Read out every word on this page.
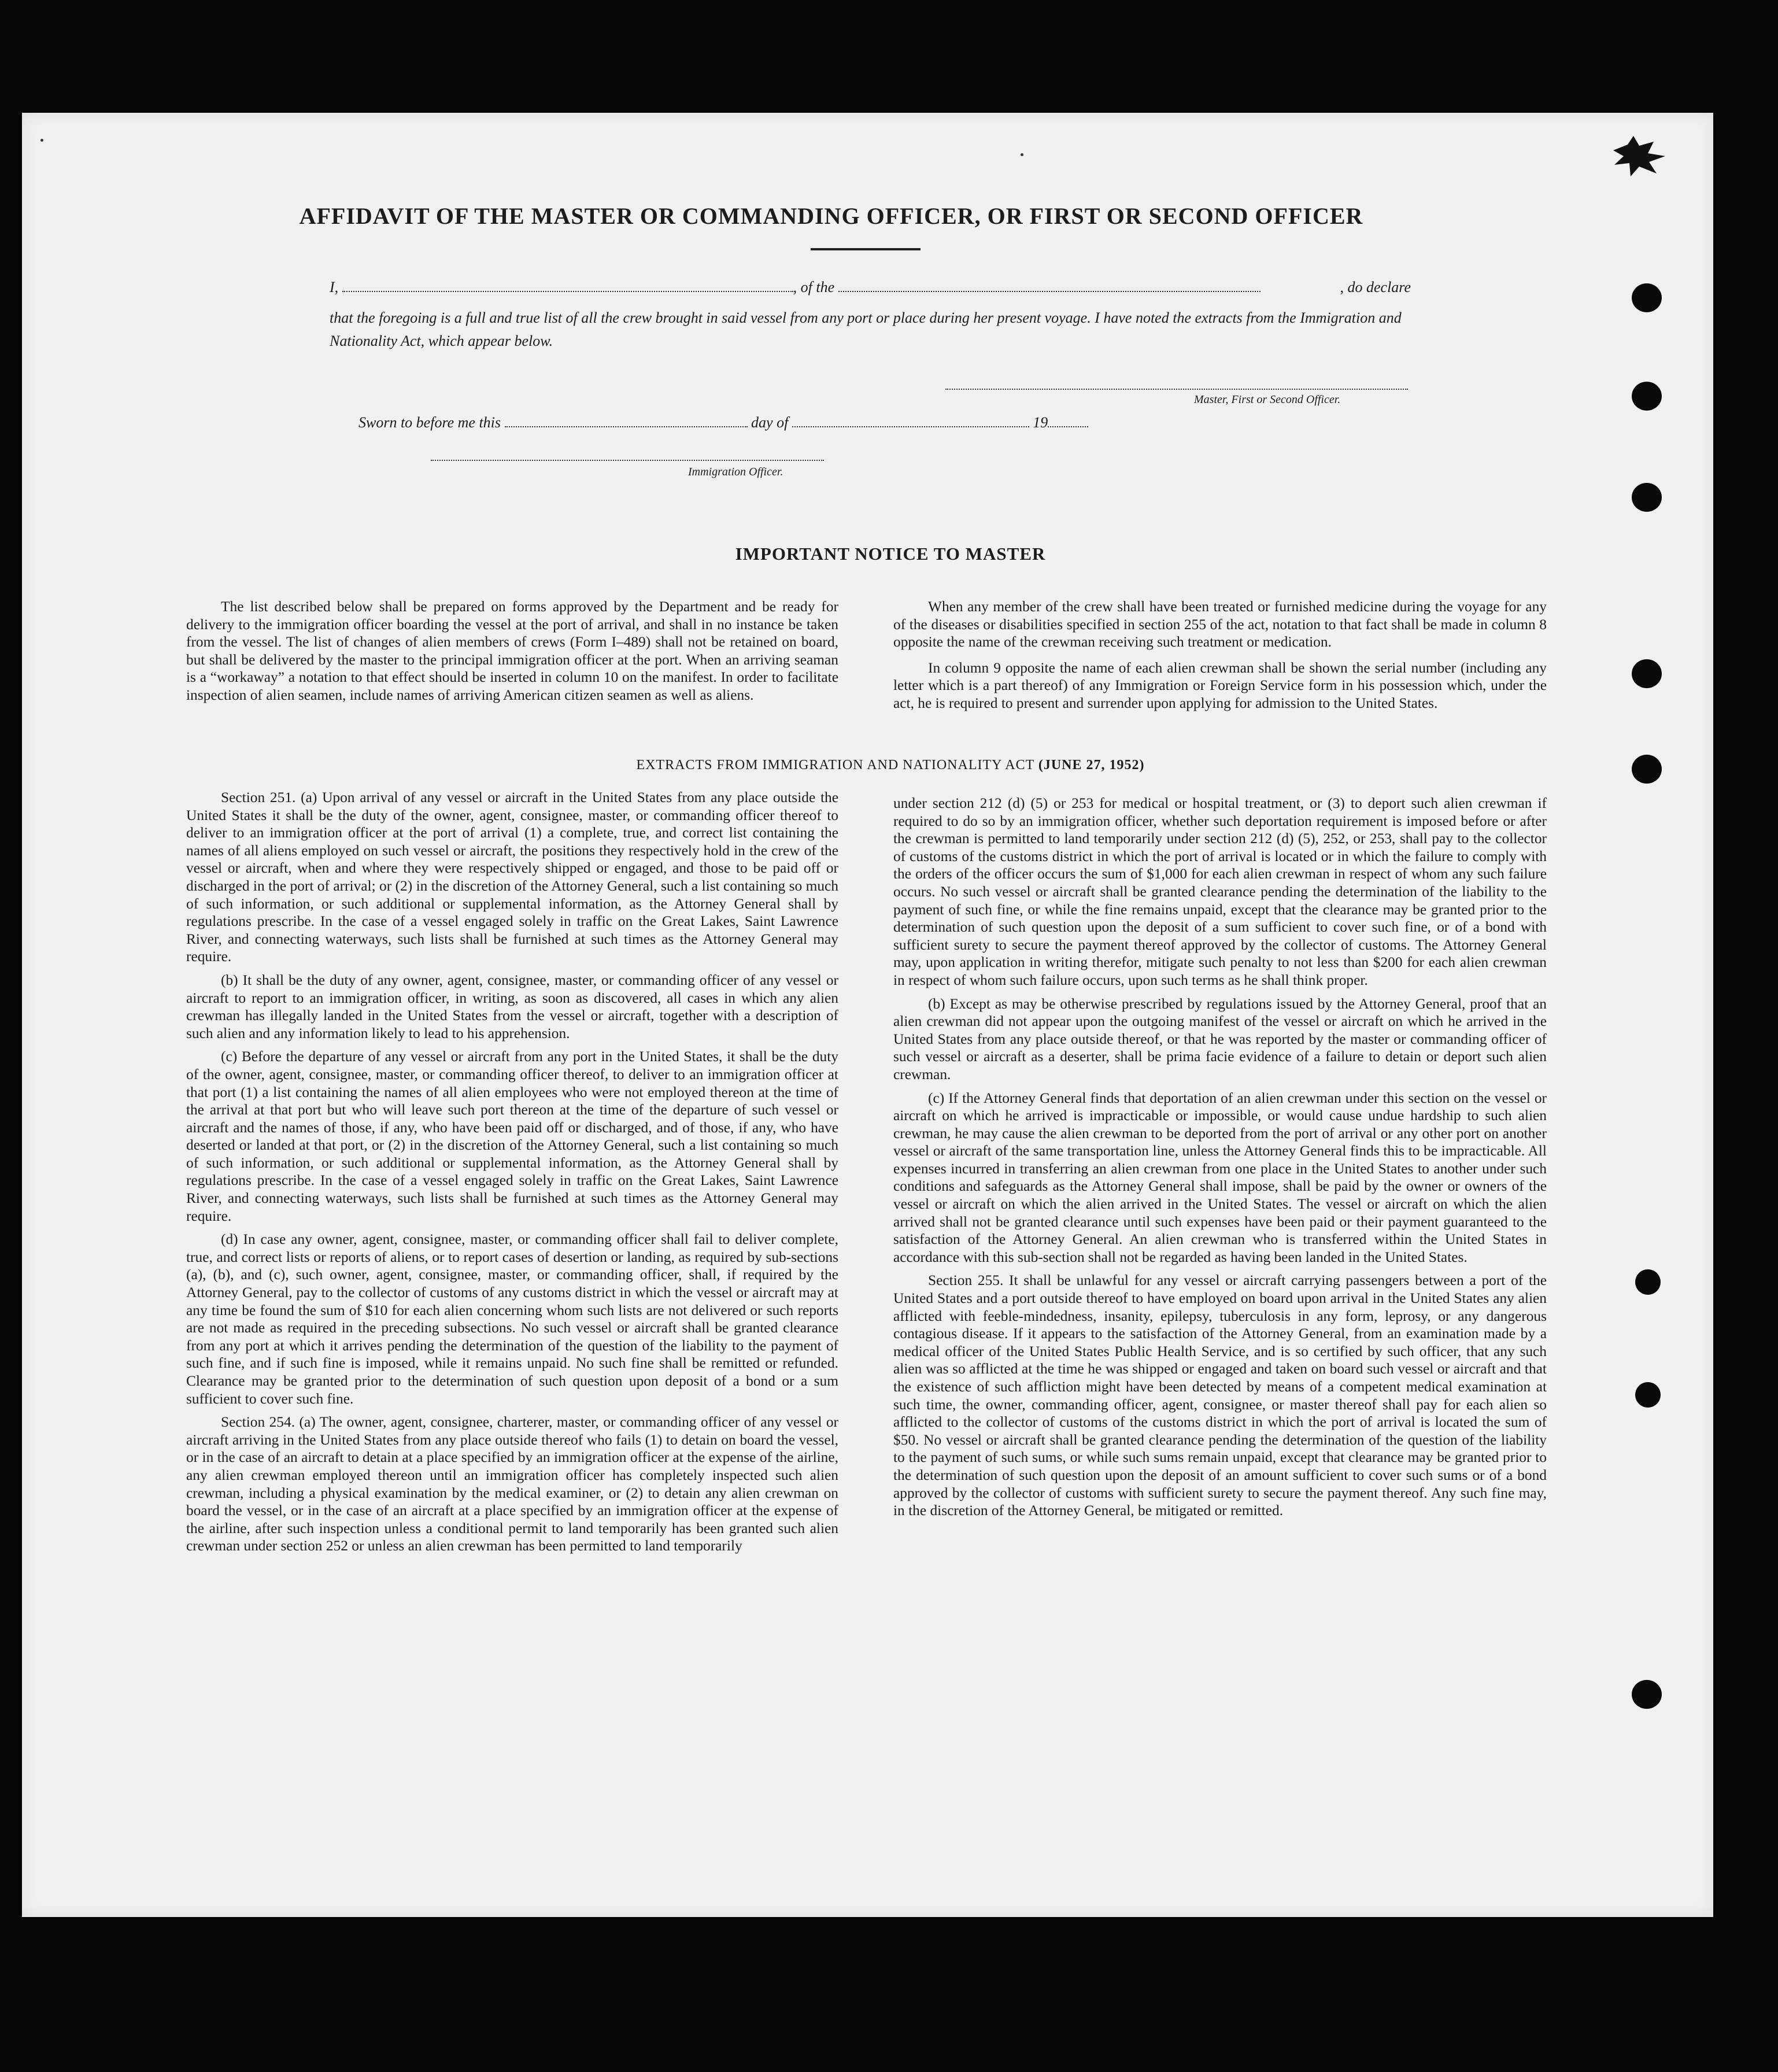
AFFIDAVIT OF THE MASTER OR COMMANDING OFFICER, OR FIRST OR SECOND OFFICER
I,	, of the	, do declare
that the foregoing is a full and true list of all the crew brought in said vessel from any port or place during her present voyage. I have noted the extracts from the Immigration and Nationality Act, which appear below.
Master, First or Second Officer.
Sworn to before me this	day of	19
Immigration Officer.
IMPORTANT NOTICE TO MASTER

The list described below shall be prepared on forms approved by the Department and be ready for delivery to the immigration officer boarding the vessel at the port of arrival, and shall in no instance be taken from the vessel. The list of changes of alien members of crews (Form I–489) shall not be retained on board, but shall be delivered by the master to the principal immigration officer at the port. When an arriving seaman is a “workaway” a notation to that effect should be inserted in column 10 on the manifest. In order to facilitate inspection of alien seamen, include names of arriving American citizen seamen as well as aliens.

When any member of the crew shall have been treated or furnished medicine during the voyage for any of the diseases or disabilities specified in section 255 of the act, notation to that fact shall be made in column 8 opposite the name of the crewman receiving such treatment or medication.

In column 9 opposite the name of each alien crewman shall be shown the serial number (including any letter which is a part thereof) of any Immigration or Foreign Service form in his possession which, under the act, he is required to present and surrender upon applying for admission to the United States.

EXTRACTS FROM IMMIGRATION AND NATIONALITY ACT (JUNE 27, 1952)

Section 251. (a) Upon arrival of any vessel or aircraft in the United States from any place outside the United States it shall be the duty of the owner, agent, consignee, master, or commanding officer thereof to deliver to an immigration officer at the port of arrival (1) a complete, true, and correct list containing the names of all aliens employed on such vessel or aircraft, the positions they respectively hold in the crew of the vessel or aircraft, when and where they were respectively shipped or engaged, and those to be paid off or discharged in the port of arrival; or (2) in the discretion of the Attorney General, such a list containing so much of such information, or such additional or supplemental information, as the Attorney General shall by regulations prescribe. In the case of a vessel engaged solely in traffic on the Great Lakes, Saint Lawrence River, and connecting waterways, such lists shall be furnished at such times as the Attorney General may require.

(b) It shall be the duty of any owner, agent, consignee, master, or commanding officer of any vessel or aircraft to report to an immigration officer, in writing, as soon as discovered, all cases in which any alien crewman has illegally landed in the United States from the vessel or aircraft, together with a description of such alien and any information likely to lead to his apprehension.

(c) Before the departure of any vessel or aircraft from any port in the United States, it shall be the duty of the owner, agent, consignee, master, or commanding officer thereof, to deliver to an immigration officer at that port (1) a list containing the names of all alien employees who were not employed thereon at the time of the arrival at that port but who will leave such port thereon at the time of the departure of such vessel or aircraft and the names of those, if any, who have been paid off or discharged, and of those, if any, who have deserted or landed at that port, or (2) in the discretion of the Attorney General, such a list containing so much of such information, or such additional or supplemental information, as the Attorney General shall by regulations prescribe. In the case of a vessel engaged solely in traffic on the Great Lakes, Saint Lawrence River, and connecting waterways, such lists shall be furnished at such times as the Attorney General may require.

(d) In case any owner, agent, consignee, master, or commanding officer shall fail to deliver complete, true, and correct lists or reports of aliens, or to report cases of desertion or landing, as required by sub-sections (a), (b), and (c), such owner, agent, consignee, master, or commanding officer, shall, if required by the Attorney General, pay to the collector of customs of any customs district in which the vessel or aircraft may at any time be found the sum of $10 for each alien concerning whom such lists are not delivered or such reports are not made as required in the preceding subsections. No such vessel or aircraft shall be granted clearance from any port at which it arrives pending the determination of the question of the liability to the payment of such fine, and if such fine is imposed, while it remains unpaid. No such fine shall be remitted or refunded. Clearance may be granted prior to the determination of such question upon deposit of a bond or a sum sufficient to cover such fine.

Section 254. (a) The owner, agent, consignee, charterer, master, or commanding officer of any vessel or aircraft arriving in the United States from any place outside thereof who fails (1) to detain on board the vessel, or in the case of an aircraft to detain at a place specified by an immigration officer at the expense of the airline, any alien crewman employed thereon until an immigration officer has completely inspected such alien crewman, including a physical examination by the medical examiner, or (2) to detain any alien crewman on board the vessel, or in the case of an aircraft at a place specified by an immigration officer at the expense of the airline, after such inspection unless a conditional permit to land temporarily has been granted such alien crewman under section 252 or unless an alien crewman has been permitted to land temporarily

under section 212 (d) (5) or 253 for medical or hospital treatment, or (3) to deport such alien crewman if required to do so by an immigration officer, whether such deportation requirement is imposed before or after the crewman is permitted to land temporarily under section 212 (d) (5), 252, or 253, shall pay to the collector of customs of the customs district in which the port of arrival is located or in which the failure to comply with the orders of the officer occurs the sum of $1,000 for each alien crewman in respect of whom any such failure occurs. No such vessel or aircraft shall be granted clearance pending the determination of the liability to the payment of such fine, or while the fine remains unpaid, except that the clearance may be granted prior to the determination of such question upon the deposit of a sum sufficient to cover such fine, or of a bond with sufficient surety to secure the payment thereof approved by the collector of customs. The Attorney General may, upon application in writing therefor, mitigate such penalty to not less than $200 for each alien crewman in respect of whom such failure occurs, upon such terms as he shall think proper.

(b) Except as may be otherwise prescribed by regulations issued by the Attorney General, proof that an alien crewman did not appear upon the outgoing manifest of the vessel or aircraft on which he arrived in the United States from any place outside thereof, or that he was reported by the master or commanding officer of such vessel or aircraft as a deserter, shall be prima facie evidence of a failure to detain or deport such alien crewman.

(c) If the Attorney General finds that deportation of an alien crewman under this section on the vessel or aircraft on which he arrived is impracticable or impossible, or would cause undue hardship to such alien crewman, he may cause the alien crewman to be deported from the port of arrival or any other port on another vessel or aircraft of the same transportation line, unless the Attorney General finds this to be impracticable. All expenses incurred in transferring an alien crewman from one place in the United States to another under such conditions and safeguards as the Attorney General shall impose, shall be paid by the owner or owners of the vessel or aircraft on which the alien arrived in the United States. The vessel or aircraft on which the alien arrived shall not be granted clearance until such expenses have been paid or their payment guaranteed to the satisfaction of the Attorney General. An alien crewman who is transferred within the United States in accordance with this sub-section shall not be regarded as having been landed in the United States.

Section 255. It shall be unlawful for any vessel or aircraft carrying passengers between a port of the United States and a port outside thereof to have employed on board upon arrival in the United States any alien afflicted with feeble-mindedness, insanity, epilepsy, tuberculosis in any form, leprosy, or any dangerous contagious disease. If it appears to the satisfaction of the Attorney General, from an examination made by a medical officer of the United States Public Health Service, and is so certified by such officer, that any such alien was so afflicted at the time he was shipped or engaged and taken on board such vessel or aircraft and that the existence of such affliction might have been detected by means of a competent medical examination at such time, the owner, commanding officer, agent, consignee, or master thereof shall pay for each alien so afflicted to the collector of customs of the customs district in which the port of arrival is located the sum of $50. No vessel or aircraft shall be granted clearance pending the determination of the question of the liability to the payment of such sums, or while such sums remain unpaid, except that clearance may be granted prior to the determination of such question upon the deposit of an amount sufficient to cover such sums or of a bond approved by the collector of customs with sufficient surety to secure the payment thereof. Any such fine may, in the discretion of the Attorney General, be mitigated or remitted.
